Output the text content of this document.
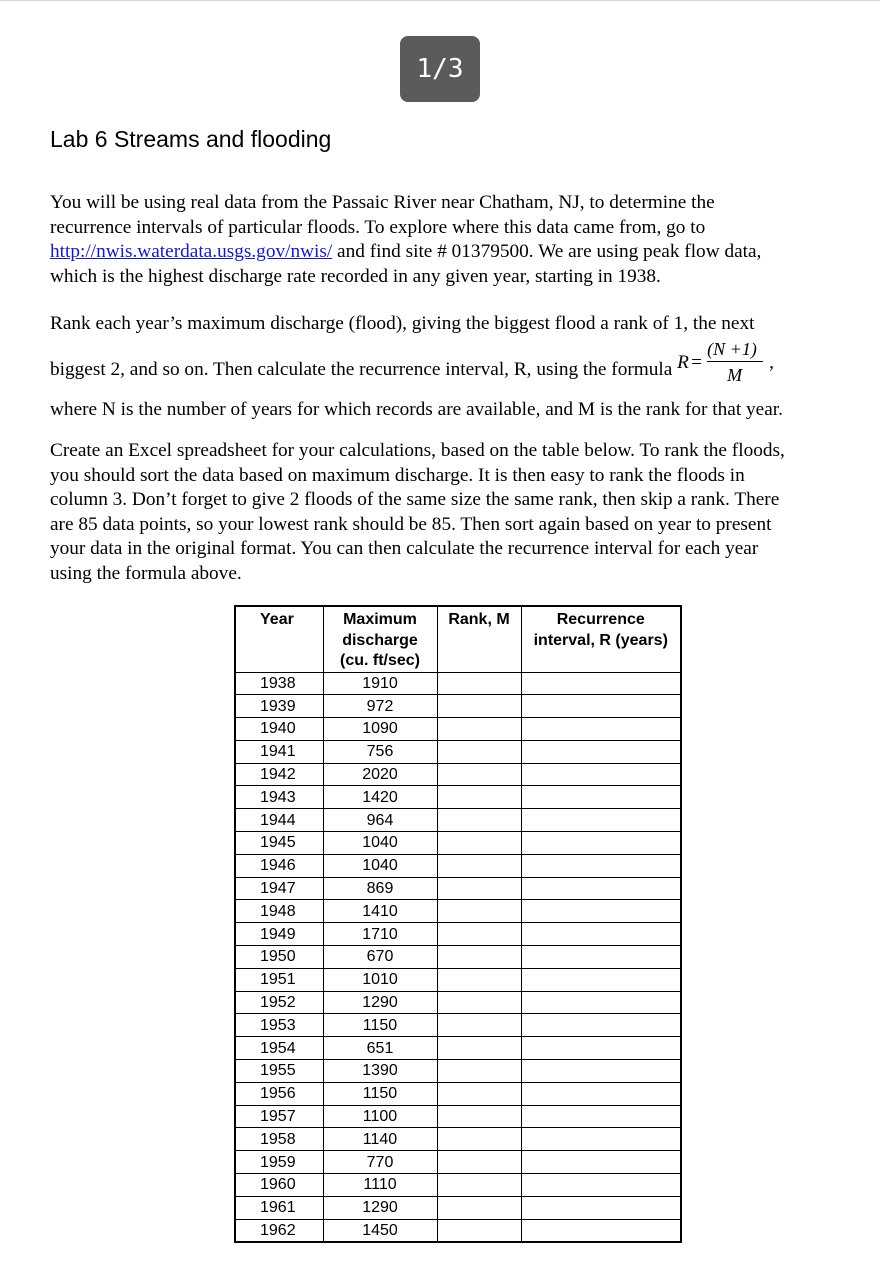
1/3
Lab 6 Streams and flooding
You will be using real data from the Passaic River near Chatham, NJ, to determine the
recurrence intervals of particular floods. To explore where this data came from, go to
http://nwis.waterdata.usgs.gov/nwis/ and find site # 01379500. We are using peak flow data,
which is the highest discharge rate recorded in any given year, starting in 1938.
Rank each year’s maximum discharge (flood), giving the biggest flood a rank of 1, the next
biggest 2, and so on. Then calculate the recurrence interval, R, using the formula R =
(N +1)
M
,
where N is the number of years for which records are available, and M is the rank for that year.
Create an Excel spreadsheet for your calculations, based on the table below. To rank the floods,
you should sort the data based on maximum discharge. It is then easy to rank the floods in
column 3. Don’t forget to give 2 floods of the same size the same rank, then skip a rank. There
are 85 data points, so your lowest rank should be 85. Then sort again based on year to present
your data in the original format. You can then calculate the recurrence interval for each year
using the formula above.
Year	Maximum
discharge
(cu. ft/sec)	Rank, M	Recurrence
interval, R (years)
1938	1910		
1939	972		
1940	1090		
1941	756		
1942	2020		
1943	1420		
1944	964		
1945	1040		
1946	1040		
1947	869		
1948	1410		
1949	1710		
1950	670		
1951	1010		
1952	1290		
1953	1150		
1954	651		
1955	1390		
1956	1150		
1957	1100		
1958	1140		
1959	770		
1960	1110		
1961	1290		
1962	1450		
